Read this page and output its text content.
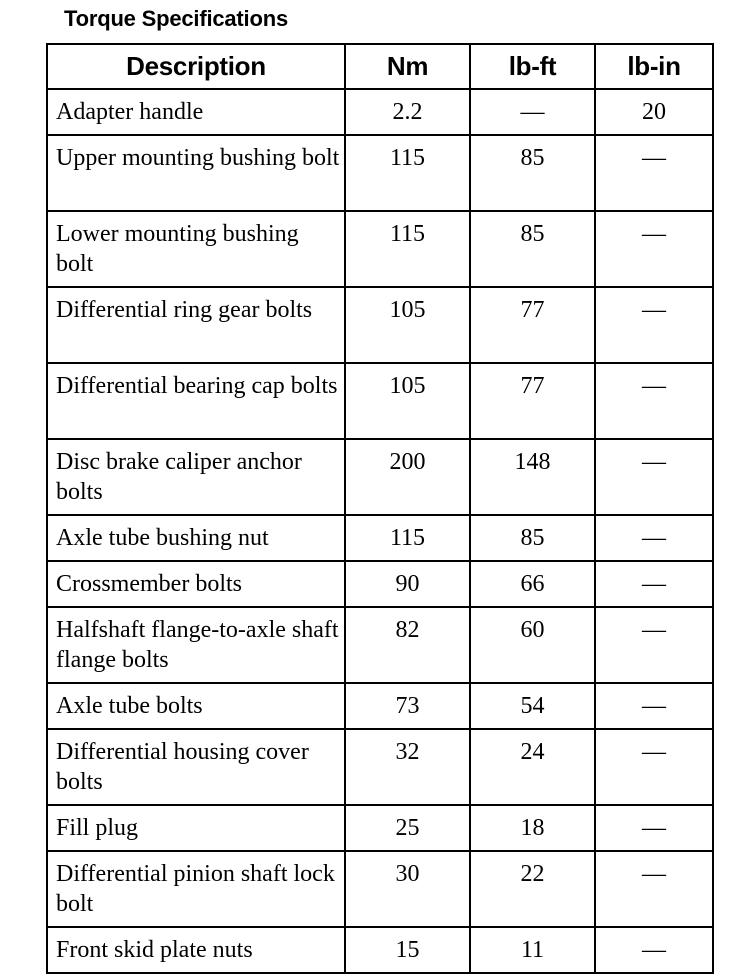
Torque Specifications
Description	Nm	lb-ft	lb-in
Adapter handle	2.2	—	20
Upper mounting bushing bolt	115	85	—
Lower mounting bushing bolt	115	85	—
Differential ring gear bolts	105	77	—
Differential bearing cap bolts	105	77	—
Disc brake caliper anchor bolts	200	148	—
Axle tube bushing nut	115	85	—
Crossmember bolts	90	66	—
Halfshaft flange-to-axle shaft flange bolts	82	60	—
Axle tube bolts	73	54	—
Differential housing cover bolts	32	24	—
Fill plug	25	18	—
Differential pinion shaft lock bolt	30	22	—
Front skid plate nuts	15	11	—
